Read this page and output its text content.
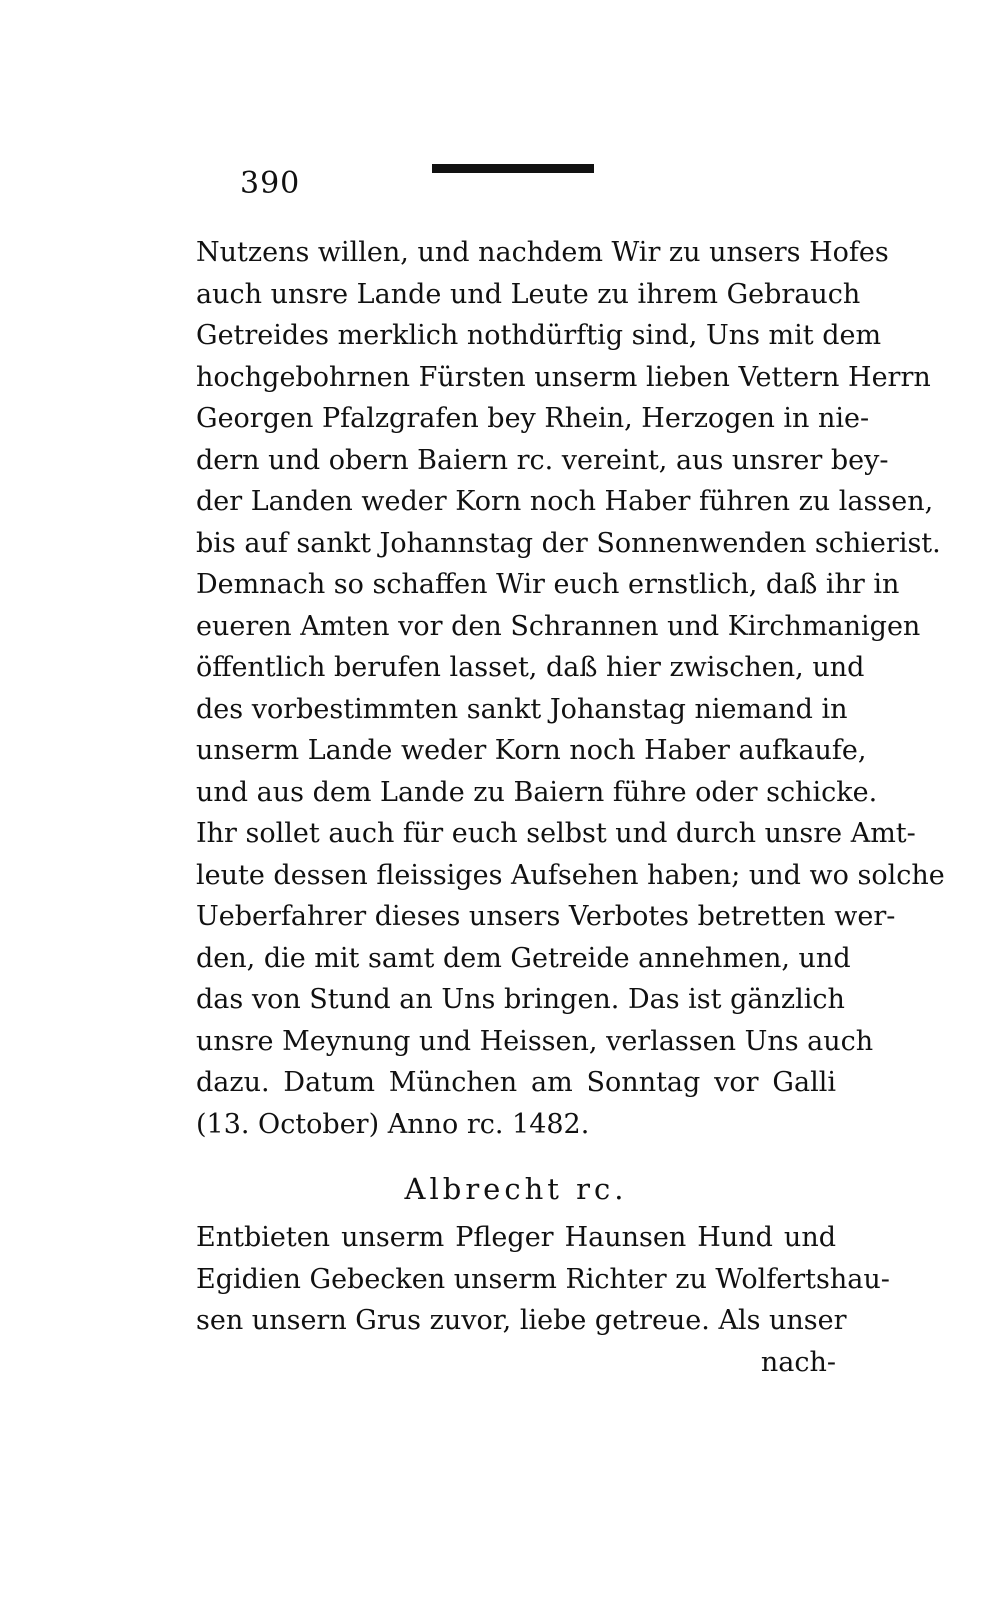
390
Nutzens willen, und nachdem Wir zu unsers Hofes
auch unsre Lande und Leute zu ihrem Gebrauch
Getreides merklich nothdürftig sind, Uns mit dem
hochgebohrnen Fürsten unserm lieben Vettern Herrn
Georgen Pfalzgrafen bey Rhein, Herzogen in nie-
dern und obern Baiern rc. vereint, aus unsrer bey-
der Landen weder Korn noch Haber führen zu lassen,
bis auf sankt Johannstag der Sonnenwenden schierist.
Demnach so schaffen Wir euch ernstlich, daß ihr in
eueren Amten vor den Schrannen und Kirchmanigen
öffentlich berufen lasset, daß hier zwischen, und
des vorbestimmten sankt Johanstag niemand in
unserm Lande weder Korn noch Haber aufkaufe,
und aus dem Lande zu Baiern führe oder schicke.
Ihr sollet auch für euch selbst und durch unsre Amt-
leute dessen fleissiges Aufsehen haben; und wo solche
Ueberfahrer dieses unsers Verbotes betretten wer-
den, die mit samt dem Getreide annehmen, und
das von Stund an Uns bringen. Das ist gänzlich
unsre Meynung und Heissen, verlassen Uns auch
dazu. Datum München am Sonntag vor Galli
(13. October) Anno rc. 1482.
Albrecht rc.
Entbieten unserm Pfleger Haunsen Hund und
Egidien Gebecken unserm Richter zu Wolfertshau-
sen unsern Grus zuvor, liebe getreue. Als unser
nach-
